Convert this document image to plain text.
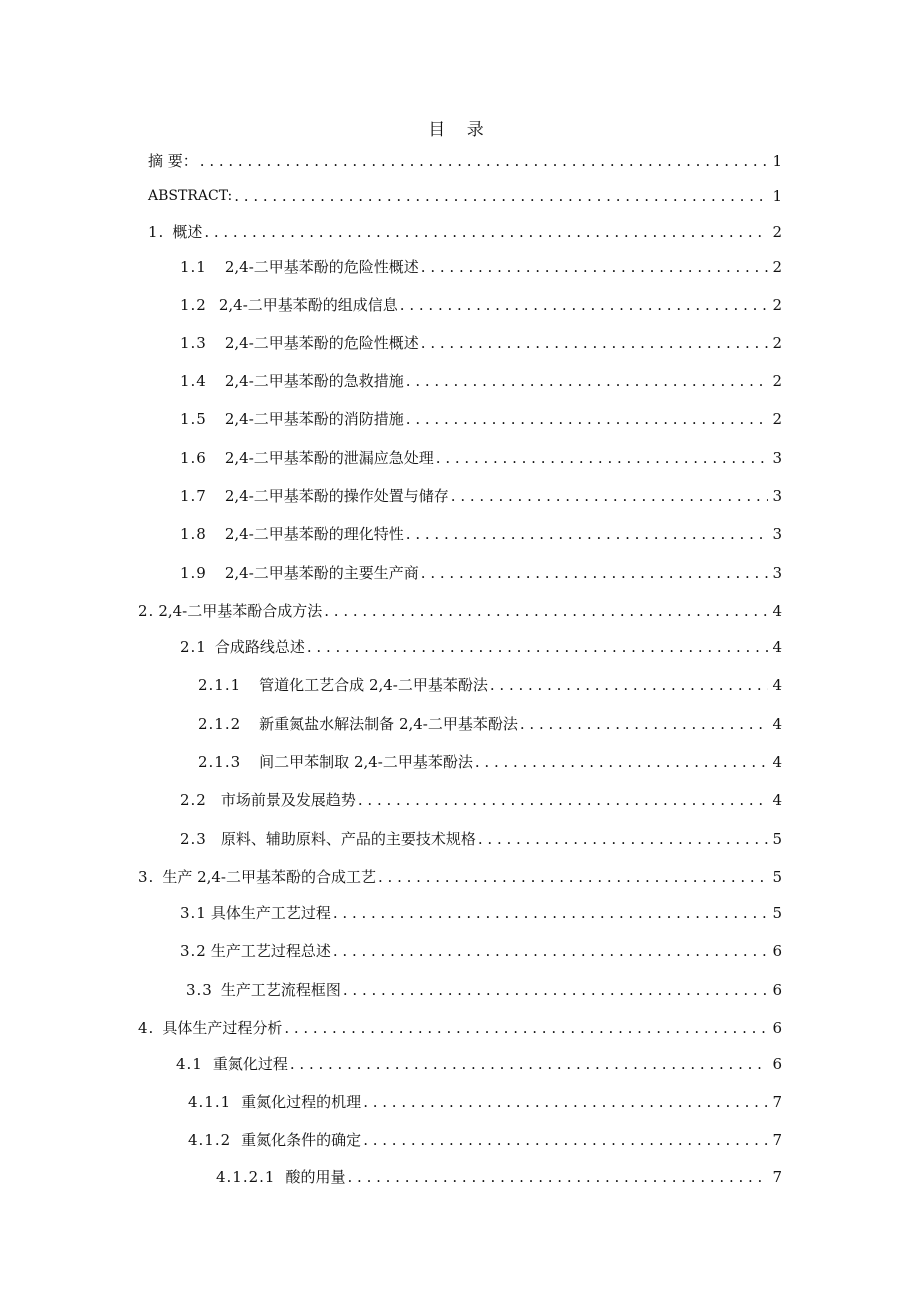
目 录
摘 要： . . .	1
ABSTRACT: . . .	1
1. 概述 . . .	2
1.1 2,4-二甲基苯酚的危险性概述 . . .	2
1.2 2,4-二甲基苯酚的组成信息 . . .	2
1.3 2,4-二甲基苯酚的危险性概述 . . .	2
1.4 2,4-二甲基苯酚的急救措施 . . .	2
1.5 2,4-二甲基苯酚的消防措施 . . .	2
1.6 2,4-二甲基苯酚的泄漏应急处理 . . .	3
1.7 2,4-二甲基苯酚的操作处置与储存 . . .	3
1.8 2,4-二甲基苯酚的理化特性 . . .	3
1.9 2,4-二甲基苯酚的主要生产商 . . .	3
2. 2,4-二甲基苯酚合成方法 . . .	4
2.1 合成路线总述 . . .	4
2.1.1 管道化工艺合成 2,4-二甲基苯酚法 . . .	4
2.1.2 新重氮盐水解法制备 2,4-二甲基苯酚法 . . .	4
2.1.3 间二甲苯制取 2,4-二甲基苯酚法 . . .	4
2.2 市场前景及发展趋势 . . .	4
2.3 原料、辅助原料、产品的主要技术规格 . . .	5
3. 生产 2,4-二甲基苯酚的合成工艺 . . .	5
3.1 具体生产工艺过程 . . .	5
3.2 生产工艺过程总述 . . .	6
3.3 生产工艺流程框图 . . .	6
4. 具体生产过程分析 . . .	6
4.1 重氮化过程 . . .	6
4.1.1 重氮化过程的机理 . . .	7
4.1.2 重氮化条件的确定 . . .	7
4.1.2.1 酸的用量 . . .	7
